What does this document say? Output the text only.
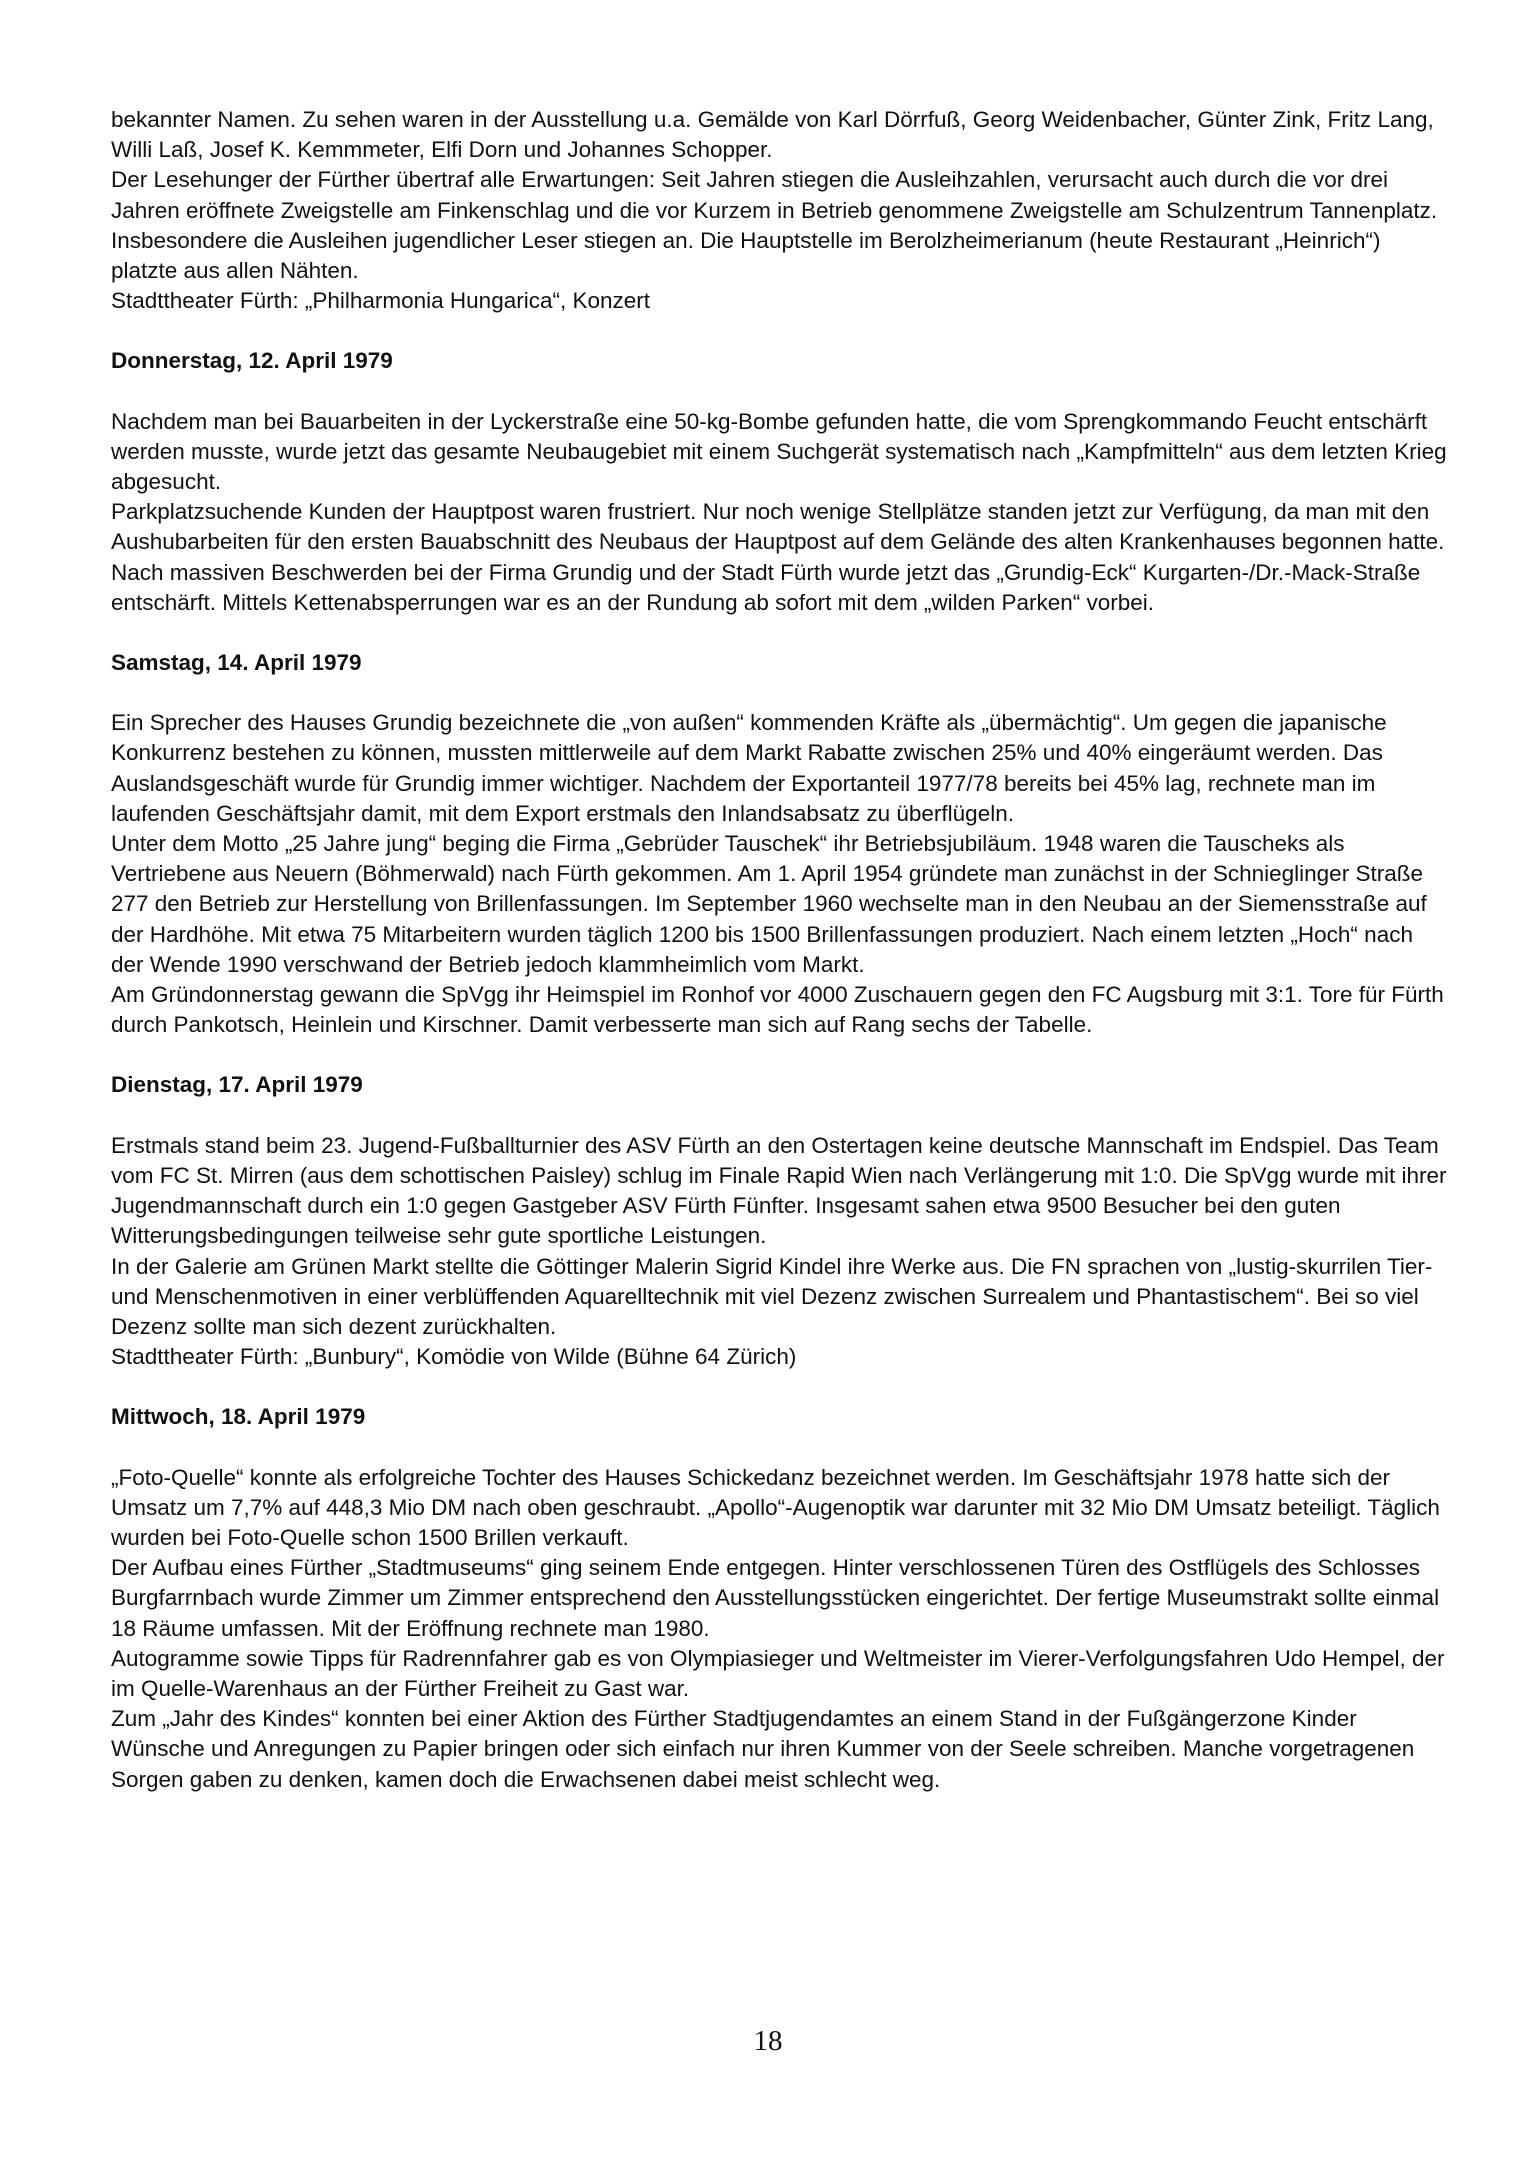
bekannter Namen. Zu sehen waren in der Ausstellung u.a. Gemälde von Karl Dörrfuß, Georg Weidenbacher, Günter Zink, Fritz Lang, Willi Laß, Josef K. Kemmmeter, Elfi Dorn und Johannes Schopper.

Der Lesehunger der Fürther übertraf alle Erwartungen: Seit Jahren stiegen die Ausleihzahlen, verursacht auch durch die vor drei Jahren eröffnete Zweigstelle am Finkenschlag und die vor Kurzem in Betrieb genommene Zweigstelle am Schulzentrum Tannenplatz. Insbesondere die Ausleihen jugendlicher Leser stiegen an. Die Hauptstelle im Berolzheimerianum (heute Restaurant „Heinrich“) platzte aus allen Nähten.

Stadttheater Fürth: „Philharmonia Hungarica“, Konzert

Donnerstag, 12. April 1979

Nachdem man bei Bauarbeiten in der Lyckerstraße eine 50-kg-Bombe gefunden hatte, die vom Sprengkommando Feucht entschärft werden musste, wurde jetzt das gesamte Neubaugebiet mit einem Suchgerät systematisch nach „Kampfmitteln“ aus dem letzten Krieg abgesucht.

Parkplatzsuchende Kunden der Hauptpost waren frustriert. Nur noch wenige Stellplätze standen jetzt zur Verfügung, da man mit den Aushubarbeiten für den ersten Bauabschnitt des Neubaus der Hauptpost auf dem Gelände des alten Krankenhauses begonnen hatte.

Nach massiven Beschwerden bei der Firma Grundig und der Stadt Fürth wurde jetzt das „Grundig-Eck“ Kurgarten-/Dr.-Mack-Straße entschärft. Mittels Kettenabsperrungen war es an der Rundung ab sofort mit dem „wilden Parken“ vorbei.

Samstag, 14. April 1979

Ein Sprecher des Hauses Grundig bezeichnete die „von außen“ kommenden Kräfte als „übermächtig“. Um gegen die japanische Konkurrenz bestehen zu können, mussten mittlerweile auf dem Markt Rabatte zwischen 25% und 40% eingeräumt werden. Das Auslandsgeschäft wurde für Grundig immer wichtiger. Nachdem der Exportanteil 1977/78 bereits bei 45% lag, rechnete man im laufenden Geschäftsjahr damit, mit dem Export erstmals den Inlandsabsatz zu überflügeln.

Unter dem Motto „25 Jahre jung“ beging die Firma „Gebrüder Tauschek“ ihr Betriebsjubiläum. 1948 waren die Tauscheks als Vertriebene aus Neuern (Böhmerwald) nach Fürth gekommen. Am 1. April 1954 gründete man zunächst in der Schnieglinger Straße 277 den Betrieb zur Herstellung von Brillenfassungen. Im September 1960 wechselte man in den Neubau an der Siemensstraße auf der Hardhöhe. Mit etwa 75 Mitarbeitern wurden täglich 1200 bis 1500 Brillenfassungen produziert. Nach einem letzten „Hoch“ nach der Wende 1990 verschwand der Betrieb jedoch klammheimlich vom Markt.

Am Gründonnerstag gewann die SpVgg ihr Heimspiel im Ronhof vor 4000 Zuschauern gegen den FC Augsburg mit 3:1. Tore für Fürth durch Pankotsch, Heinlein und Kirschner. Damit verbesserte man sich auf Rang sechs der Tabelle.

Dienstag, 17. April 1979

Erstmals stand beim 23. Jugend-Fußballturnier des ASV Fürth an den Ostertagen keine deutsche Mannschaft im Endspiel. Das Team vom FC St. Mirren (aus dem schottischen Paisley) schlug im Finale Rapid Wien nach Verlängerung mit 1:0. Die SpVgg wurde mit ihrer Jugendmannschaft durch ein 1:0 gegen Gastgeber ASV Fürth Fünfter. Insgesamt sahen etwa 9500 Besucher bei den guten Witterungsbedingungen teilweise sehr gute sportliche Leistungen.

In der Galerie am Grünen Markt stellte die Göttinger Malerin Sigrid Kindel ihre Werke aus. Die FN sprachen von „lustig-skurrilen Tier- und Menschenmotiven in einer verblüffenden Aquarelltechnik mit viel Dezenz zwischen Surrealem und Phantastischem“. Bei so viel Dezenz sollte man sich dezent zurückhalten.

Stadttheater Fürth: „Bunbury“, Komödie von Wilde (Bühne 64 Zürich)

Mittwoch, 18. April 1979

„Foto-Quelle“ konnte als erfolgreiche Tochter des Hauses Schickedanz bezeichnet werden. Im Geschäftsjahr 1978 hatte sich der Umsatz um 7,7% auf 448,3 Mio DM nach oben geschraubt. „Apollo“-Augenoptik war darunter mit 32 Mio DM Umsatz beteiligt. Täglich wurden bei Foto-Quelle schon 1500 Brillen verkauft.

Der Aufbau eines Fürther „Stadtmuseums“ ging seinem Ende entgegen. Hinter verschlossenen Türen des Ostflügels des Schlosses Burgfarrnbach wurde Zimmer um Zimmer entsprechend den Ausstellungsstücken eingerichtet. Der fertige Museumstrakt sollte einmal 18 Räume umfassen. Mit der Eröffnung rechnete man 1980.

Autogramme sowie Tipps für Radrennfahrer gab es von Olympiasieger und Weltmeister im Vierer-Verfolgungsfahren Udo Hempel, der im Quelle-Warenhaus an der Fürther Freiheit zu Gast war.

Zum „Jahr des Kindes“ konnten bei einer Aktion des Fürther Stadtjugendamtes an einem Stand in der Fußgängerzone Kinder Wünsche und Anregungen zu Papier bringen oder sich einfach nur ihren Kummer von der Seele schreiben. Manche vorgetragenen Sorgen gaben zu denken, kamen doch die Erwachsenen dabei meist schlecht weg.

18
